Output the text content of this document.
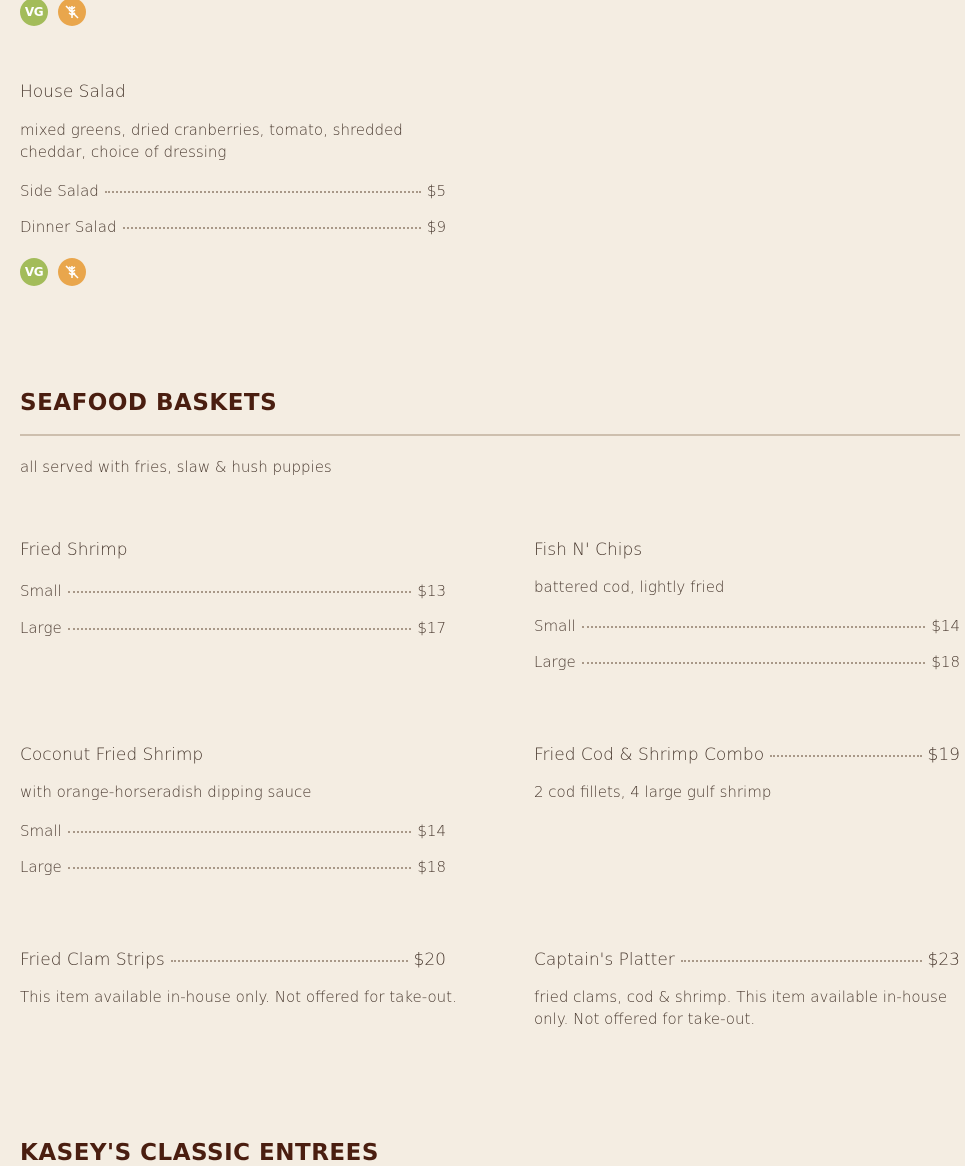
VG
House Salad
mixed greens, dried cranberries, tomato, shredded cheddar, choice of dressing
Side Salad	$5
Dinner Salad	$9
VG
SEAFOOD BASKETS
all served with fries, slaw & hush puppies
Fried Shrimp
Small	$13
Large	$17
Fish N' Chips
battered cod, lightly fried
Small	$14
Large	$18
Coconut Fried Shrimp
with orange-horseradish dipping sauce
Small	$14
Large	$18
Fried Cod & Shrimp Combo	$19
2 cod fillets, 4 large gulf shrimp
Fried Clam Strips	$20
This item available in-house only. Not offered for take-out.
Captain's Platter	$23
fried clams, cod & shrimp. This item available in-house only. Not offered for take-out.
KASEY'S CLASSIC ENTREES
